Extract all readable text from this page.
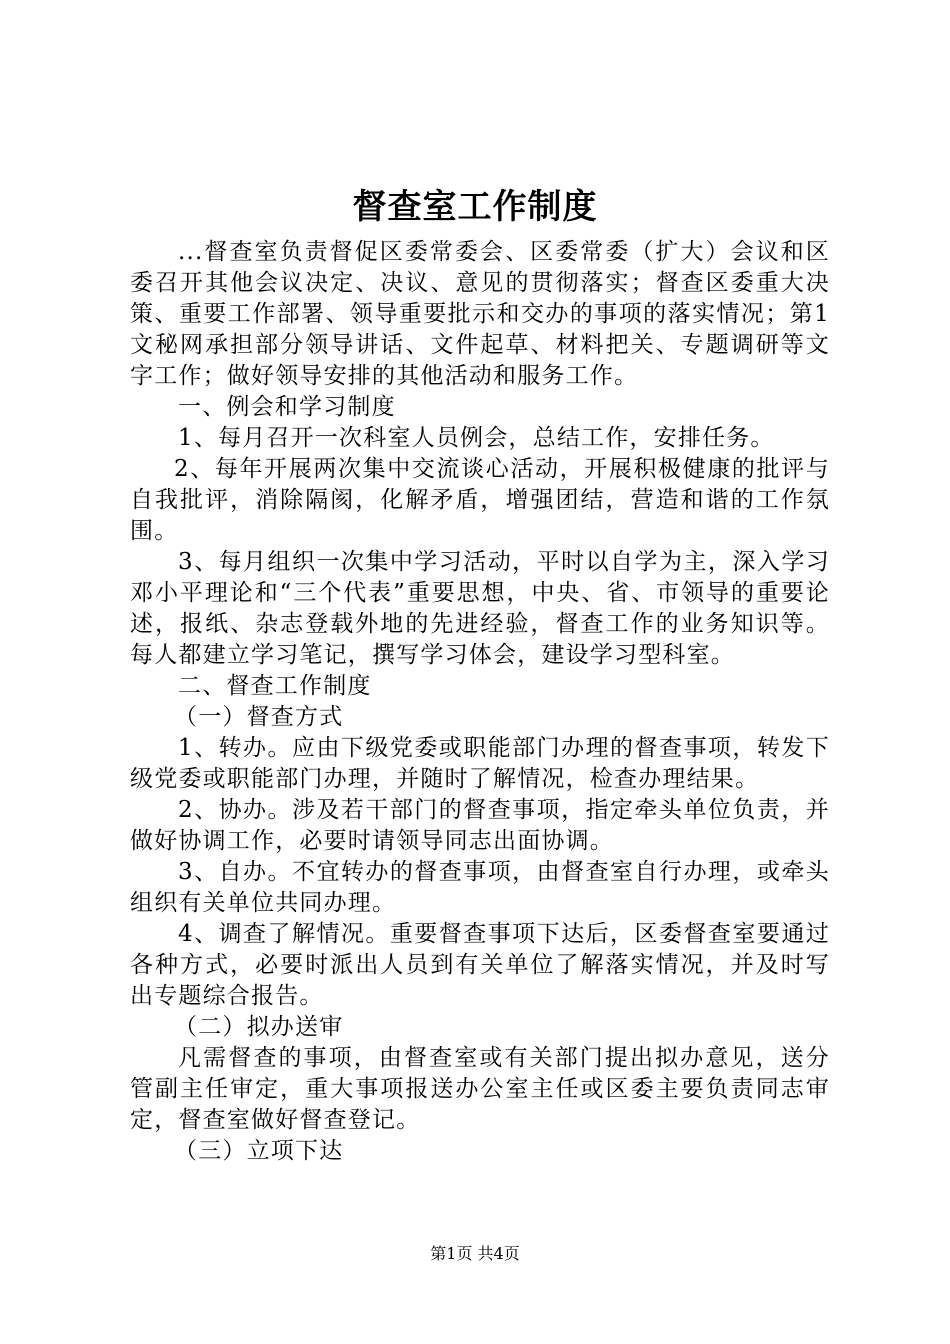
督查室工作制度

...督查室负责督促区委常委会、区委常委（扩大）会议和区委召开其他会议决定、决议、意见的贯彻落实；督查区委重大决策、重要工作部署、领导重要批示和交办的事项的落实情况；第1文秘网承担部分领导讲话、文件起草、材料把关、专题调研等文字工作；做好领导安排的其他活动和服务工作。

一、例会和学习制度

1、每月召开一次科室人员例会，总结工作，安排任务。

2、每年开展两次集中交流谈心活动，开展积极健康的批评与自我批评，消除隔阂，化解矛盾，增强团结，营造和谐的工作氛围。

3、每月组织一次集中学习活动，平时以自学为主，深入学习邓小平理论和“三个代表”重要思想，中央、省、市领导的重要论述，报纸、杂志登载外地的先进经验，督查工作的业务知识等。每人都建立学习笔记，撰写学习体会，建设学习型科室。

二、督查工作制度

（一）督查方式

1、转办。应由下级党委或职能部门办理的督查事项，转发下级党委或职能部门办理，并随时了解情况，检查办理结果。

2、协办。涉及若干部门的督查事项，指定牵头单位负责，并做好协调工作，必要时请领导同志出面协调。

3、自办。不宜转办的督查事项，由督查室自行办理，或牵头组织有关单位共同办理。

4、调查了解情况。重要督查事项下达后，区委督查室要通过各种方式，必要时派出人员到有关单位了解落实情况，并及时写出专题综合报告。

（二）拟办送审

凡需督查的事项，由督查室或有关部门提出拟办意见，送分管副主任审定，重大事项报送办公室主任或区委主要负责同志审定，督查室做好督查登记。

（三）立项下达

第1页 共4页
